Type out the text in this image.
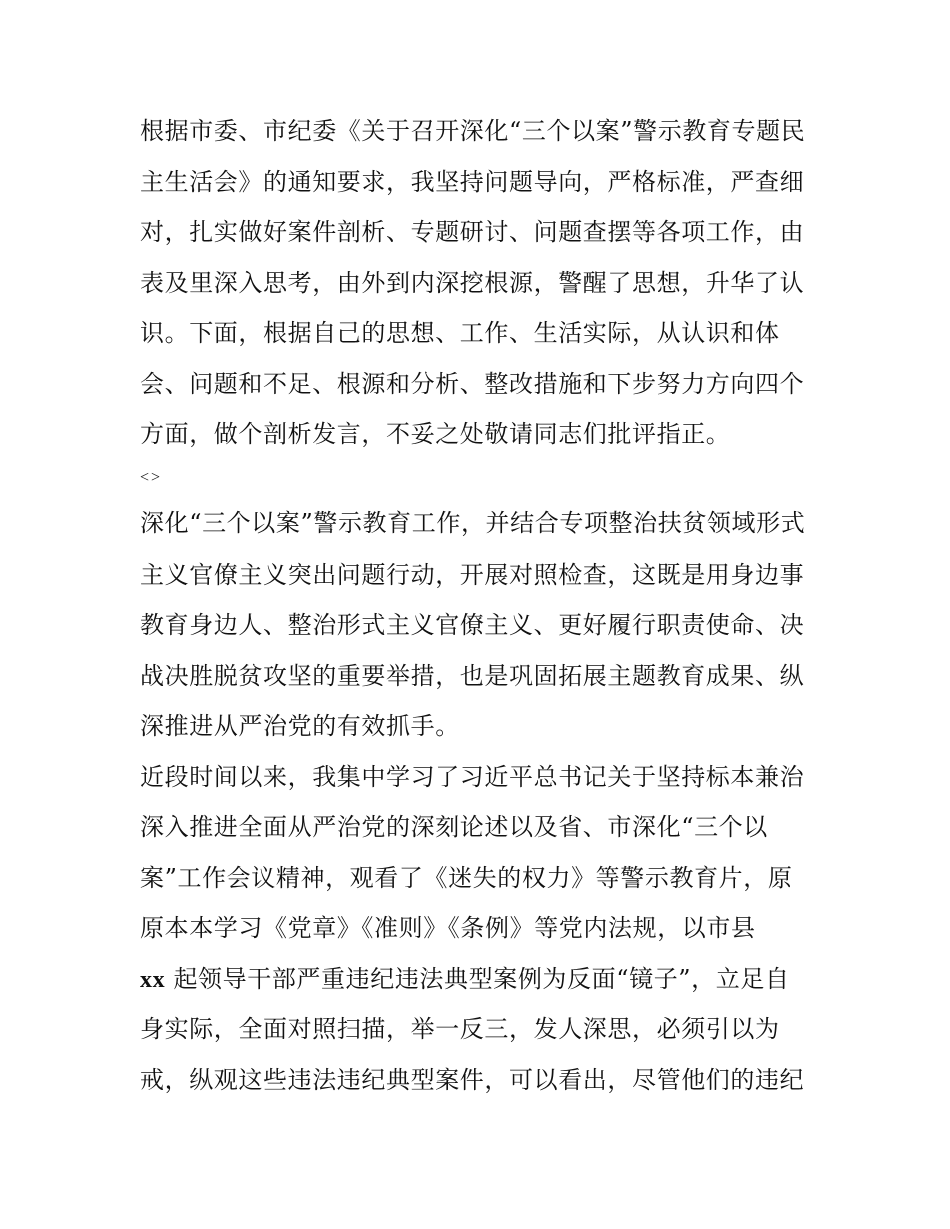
根据市委、市纪委《关于召开深化“三个以案”警示教育专题民
主生活会》的通知要求，我坚持问题导向，严格标准，严查细
对，扎实做好案件剖析、专题研讨、问题查摆等各项工作，由
表及里深入思考，由外到内深挖根源，警醒了思想，升华了认
识。下面，根据自己的思想、工作、生活实际，从认识和体
会、问题和不足、根源和分析、整改措施和下步努力方向四个
方面，做个剖析发言，不妥之处敬请同志们批评指正。
<>
深化“三个以案”警示教育工作，并结合专项整治扶贫领域形式
主义官僚主义突出问题行动，开展对照检查，这既是用身边事
教育身边人、整治形式主义官僚主义、更好履行职责使命、决
战决胜脱贫攻坚的重要举措，也是巩固拓展主题教育成果、纵
深推进从严治党的有效抓手。
近段时间以来，我集中学习了习近平总书记关于坚持标本兼治
深入推进全面从严治党的深刻论述以及省、市深化“三个以
案”工作会议精神，观看了《迷失的权力》等警示教育片，原
原本本学习《党章》《准则》《条例》等党内法规，以市县
xx 起领导干部严重违纪违法典型案例为反面“镜子”，立足自
身实际，全面对照扫描，举一反三，发人深思，必须引以为
戒，纵观这些违法违纪典型案件，可以看出，尽管他们的违纪
